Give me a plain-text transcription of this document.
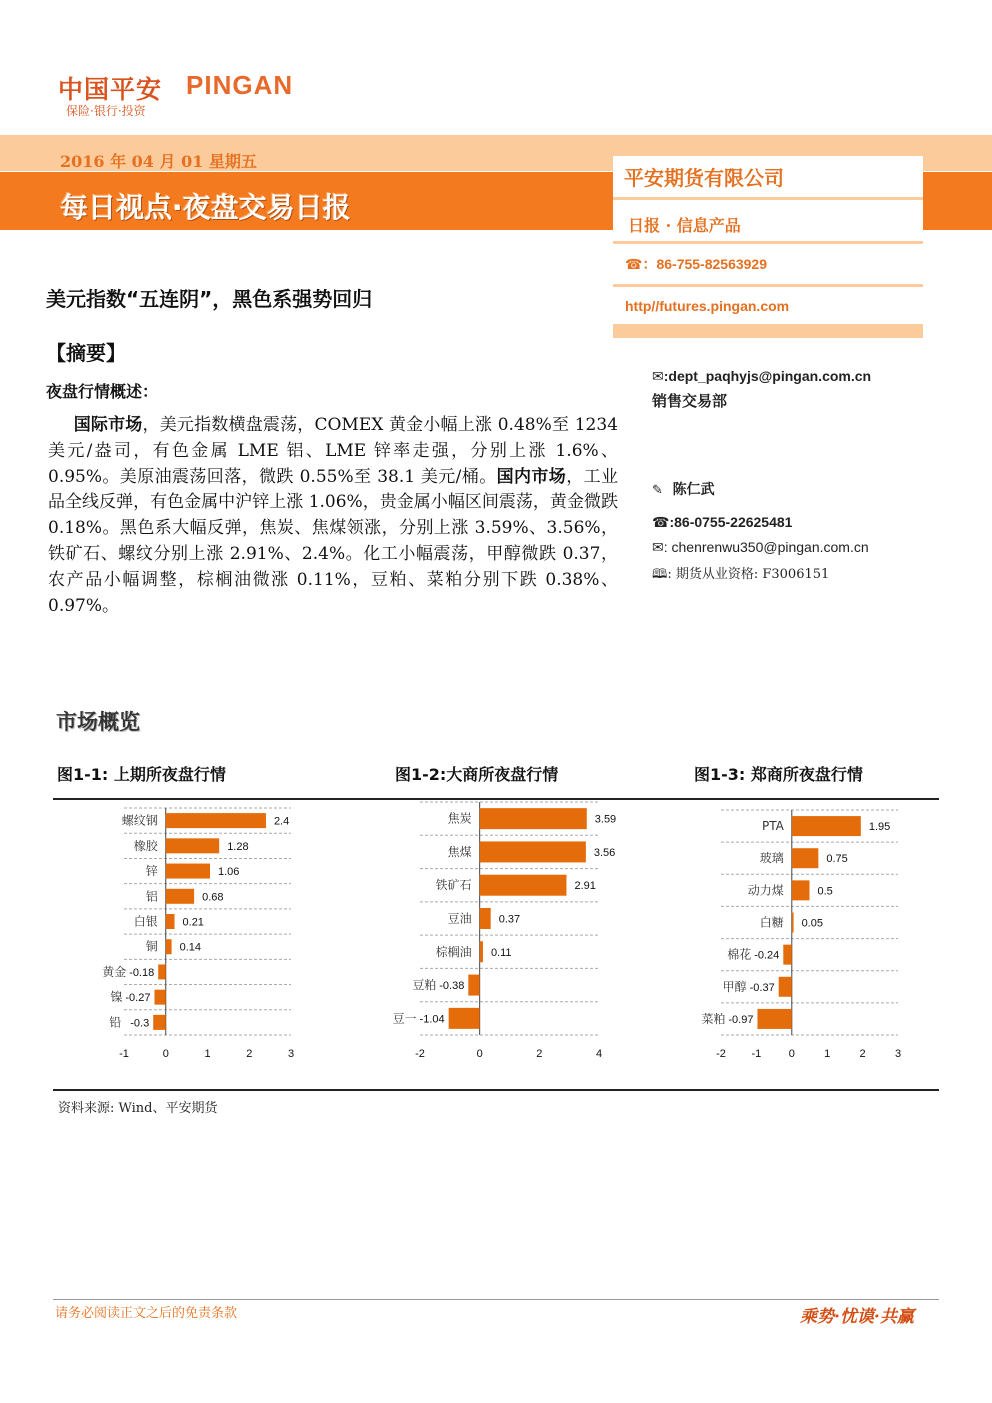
中国平安 PINGAN
保险·银行·投资
2016 年 04 月 01 星期五
每日视点·夜盘交易日报
平安期货有限公司
日报 · 信息产品
☎：86-755-82563929
http//futures.pingan.com
✉:dept_paqhyjs@pingan.com.cn
销售交易部
✎ 陈仁武
☎:86-0755-22625481
✉: chenrenwu350@pingan.com.cn
🕮: 期货从业资格: F3006151
美元指数“五连阴”，黑色系强势回归
【摘要】
夜盘行情概述：
  国际市场，美元指数横盘震荡，COMEX 黄金小幅上涨 0.48%至 1234 美元/盎司，有色金属 LME 铝、LME 锌率走强，分别上涨 1.6%、0.95%。美原油震荡回落，微跌 0.55%至 38.1 美元/桶。国内市场，工业品全线反弹，有色金属中沪锌上涨 1.06%，贵金属小幅区间震荡，黄金微跌 0.18%。黑色系大幅反弹，焦炭、焦煤领涨，分别上涨 3.59%、3.56%，铁矿石、螺纹分别上涨 2.91%、2.4%。化工小幅震荡，甲醇微跌 0.37，农产品小幅调整，棕榈油微涨 0.11%，豆粕、菜粕分别下跌 0.38%、0.97%。
市场概览
图1-1: 上期所夜盘行情	图1-2:大商所夜盘行情	图1-3: 郑商所夜盘行情
螺纹钢	2.4
橡胶	1.28
锌	1.06
铝	0.68
白银 0.21
铜 0.14
黄金 -0.18
镍 -0.27
铅 -0.3
-1	0	1	2	3
焦炭	3.59
焦煤	3.56
铁矿石	2.91
豆油 0.37
棕榈油 0.11
豆粕 -0.38
豆一 -1.04
-2	0	2	4
PTA	1.95
玻璃	0.75
动力煤	0.5
白糖 0.05
棉花 -0.24
甲醇 -0.37
菜粕 -0.97
-2 -1 0	1	2	3
资料来源: Wind、平安期货
请务必阅读正文之后的免责条款	乘势·忧谟·共赢
